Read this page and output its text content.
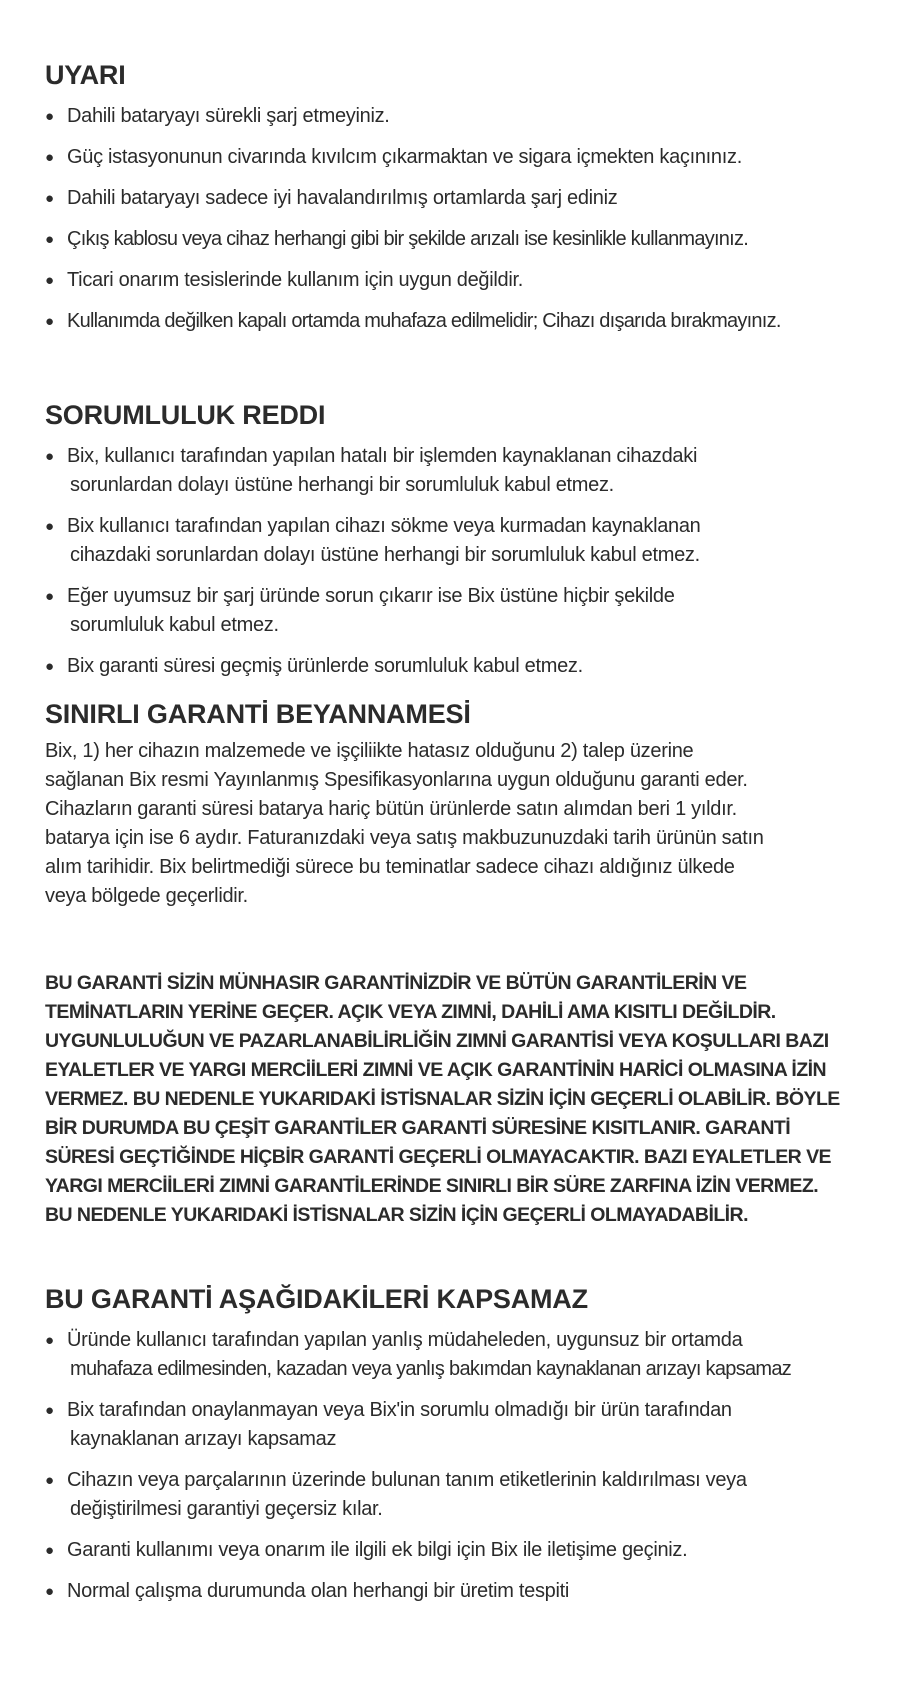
UYARI
● Dahili bataryayı sürekli şarj etmeyiniz.
● Güç istasyonunun civarında kıvılcım çıkarmaktan ve sigara içmekten kaçınınız.
● Dahili bataryayı sadece iyi havalandırılmış ortamlarda şarj ediniz
● Çıkış kablosu veya cihaz herhangi gibi bir şekilde arızalı ise kesinlikle kullanmayınız.
● Ticari onarım tesislerinde kullanım için uygun değildir.
● Kullanımda değilken kapalı ortamda muhafaza edilmelidir; Cihazı dışarıda bırakmayınız.
SORUMLULUK REDDI
● Bix, kullanıcı tarafından yapılan hatalı bir işlemden kaynaklanan cihazdaki
sorunlardan dolayı üstüne herhangi bir sorumluluk kabul etmez.
● Bix kullanıcı tarafından yapılan cihazı sökme veya kurmadan kaynaklanan
cihazdaki sorunlardan dolayı üstüne herhangi bir sorumluluk kabul etmez.
● Eğer uyumsuz bir şarj üründe sorun çıkarır ise Bix üstüne hiçbir şekilde
sorumluluk kabul etmez.
● Bix garanti süresi geçmiş ürünlerde sorumluluk kabul etmez.
SINIRLI GARANTİ BEYANNAMESİ
Bix, 1) her cihazın malzemede ve işçiliikte hatasız olduğunu 2) talep üzerine
sağlanan Bix resmi Yayınlanmış Spesifikasyonlarına uygun olduğunu garanti eder.
Cihazların garanti süresi batarya hariç bütün ürünlerde satın alımdan beri 1 yıldır.
batarya için ise 6 aydır. Faturanızdaki veya satış makbuzunuzdaki tarih ürünün satın
alım tarihidir. Bix belirtmediği sürece bu teminatlar sadece cihazı aldığınız ülkede
veya bölgede geçerlidir.
BU GARANTİ SİZİN MÜNHASIR GARANTİNİZDİR VE BÜTÜN GARANTİLERİN VE
TEMİNATLARIN YERİNE GEÇER. AÇIK VEYA ZIMNİ, DAHİLİ AMA KISITLI DEĞİLDİR.
UYGUNLULUĞUN VE PAZARLANABİLİRLİĞİN ZIMNİ GARANTİSİ VEYA KOŞULLARI BAZI
EYALETLER VE YARGI MERCİİLERİ ZIMNİ VE AÇIK GARANTİNİN HARİCİ OLMASINA İZİN
VERMEZ. BU NEDENLE YUKARIDAKİ İSTİSNALAR SİZİN İÇİN GEÇERLİ OLABİLİR. BÖYLE
BİR DURUMDA BU ÇEŞİT GARANTİLER GARANTİ SÜRESİNE KISITLANIR. GARANTİ
SÜRESİ GEÇTİĞİNDE HİÇBİR GARANTİ GEÇERLİ OLMAYACAKTIR. BAZI EYALETLER VE
YARGI MERCİİLERİ ZIMNİ GARANTİLERİNDE SINIRLI BİR SÜRE ZARFINA İZİN VERMEZ.
BU NEDENLE YUKARIDAKİ İSTİSNALAR SİZİN İÇİN GEÇERLİ OLMAYADABİLİR.
BU GARANTİ AŞAĞIDAKİLERİ KAPSAMAZ
● Üründe kullanıcı tarafından yapılan yanlış müdaheleden, uygunsuz bir ortamda
muhafaza edilmesinden, kazadan veya yanlış bakımdan kaynaklanan arızayı kapsamaz
● Bix tarafından onaylanmayan veya Bix'in sorumlu olmadığı bir ürün tarafından
kaynaklanan arızayı kapsamaz
● Cihazın veya parçalarının üzerinde bulunan tanım etiketlerinin kaldırılması veya
değiştirilmesi garantiyi geçersiz kılar.
● Garanti kullanımı veya onarım ile ilgili ek bilgi için Bix ile iletişime geçiniz.
● Normal çalışma durumunda olan herhangi bir üretim tespiti
